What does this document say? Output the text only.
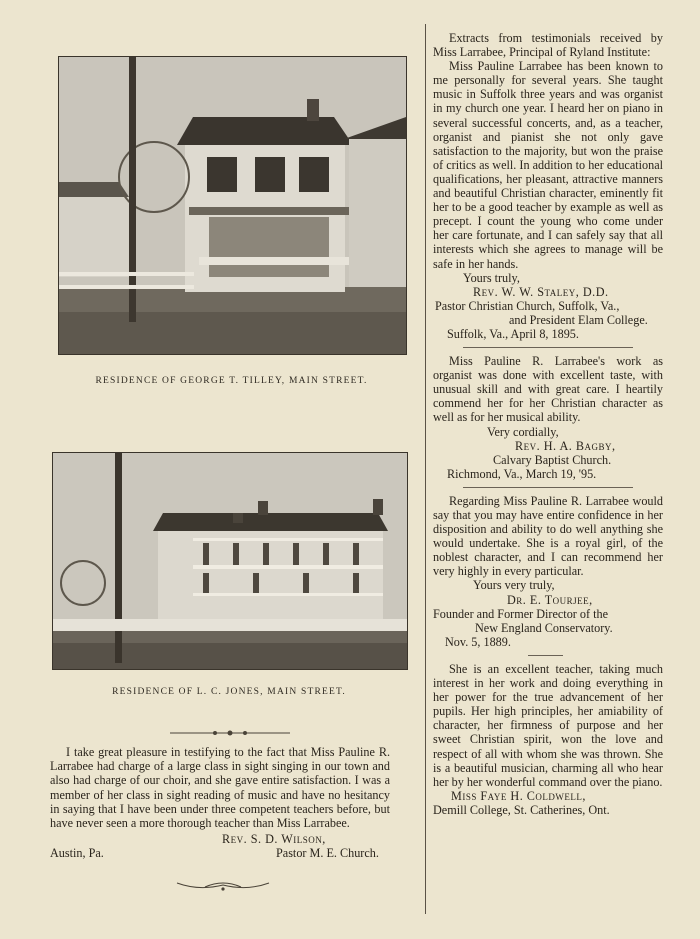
RESIDENCE OF GEORGE T. TILLEY, MAIN STREET.
RESIDENCE OF L. C. JONES, MAIN STREET.

I take great pleasure in testifying to the fact that Miss Pauline R. Larrabee had charge of a large class in sight singing in our town and also had charge of our choir, and she gave entire satisfaction. I was a member of her class in sight reading of music and have no hesitancy in saying that I have been under three competent teachers before, but have never seen a more thorough teacher than Miss Larrabee.

Rev. S. D. Wilson,

Austin, Pa.	Pastor M. E. Church.

Extracts from testimonials received by Miss Larrabee, Principal of Ryland Institute:

Miss Pauline Larrabee has been known to me personally for several years. She taught music in Suffolk three years and was organist in my church one year. I heard her on piano in several successful concerts, and, as a teacher, organist and pianist she not only gave satisfaction to the majority, but won the praise of critics as well. In addition to her educational qualifications, her pleasant, attractive manners and beautiful Christian character, eminently fit her to be a good teacher by example as well as precept. I count the young who come under her care fortunate, and I can safely say that all interests which she agrees to manage will be safe in her hands.

Yours truly,

Rev. W. W. Staley, D.D.

Pastor Christian Church, Suffolk, Va.,

and President Elam College.

Suffolk, Va., April 8, 1895.

Miss Pauline R. Larrabee's work as organist was done with excellent taste, with unusual skill and with great care. I heartily commend her for her Christian character as well as for her musical ability.

Very cordially,

Rev. H. A. Bagby,

Calvary Baptist Church.

Richmond, Va., March 19, '95.

Regarding Miss Pauline R. Larrabee would say that you may have entire confidence in her disposition and ability to do well anything she would undertake. She is a royal girl, of the noblest character, and I can recommend her very highly in every particular.

Yours very truly,

Dr. E. Tourjee,

Founder and Former Director of the

New England Conservatory.

Nov. 5, 1889.

She is an excellent teacher, taking much interest in her work and doing everything in her power for the true advancement of her pupils. Her high principles, her amiability of character, her firmness of purpose and her sweet Christian spirit, won the love and respect of all with whom she was thrown. She is a beautiful musician, charming all who hear her by her wonderful command over the piano.

Miss Faye H. Coldwell,

Demill College, St. Catherines, Ont.
